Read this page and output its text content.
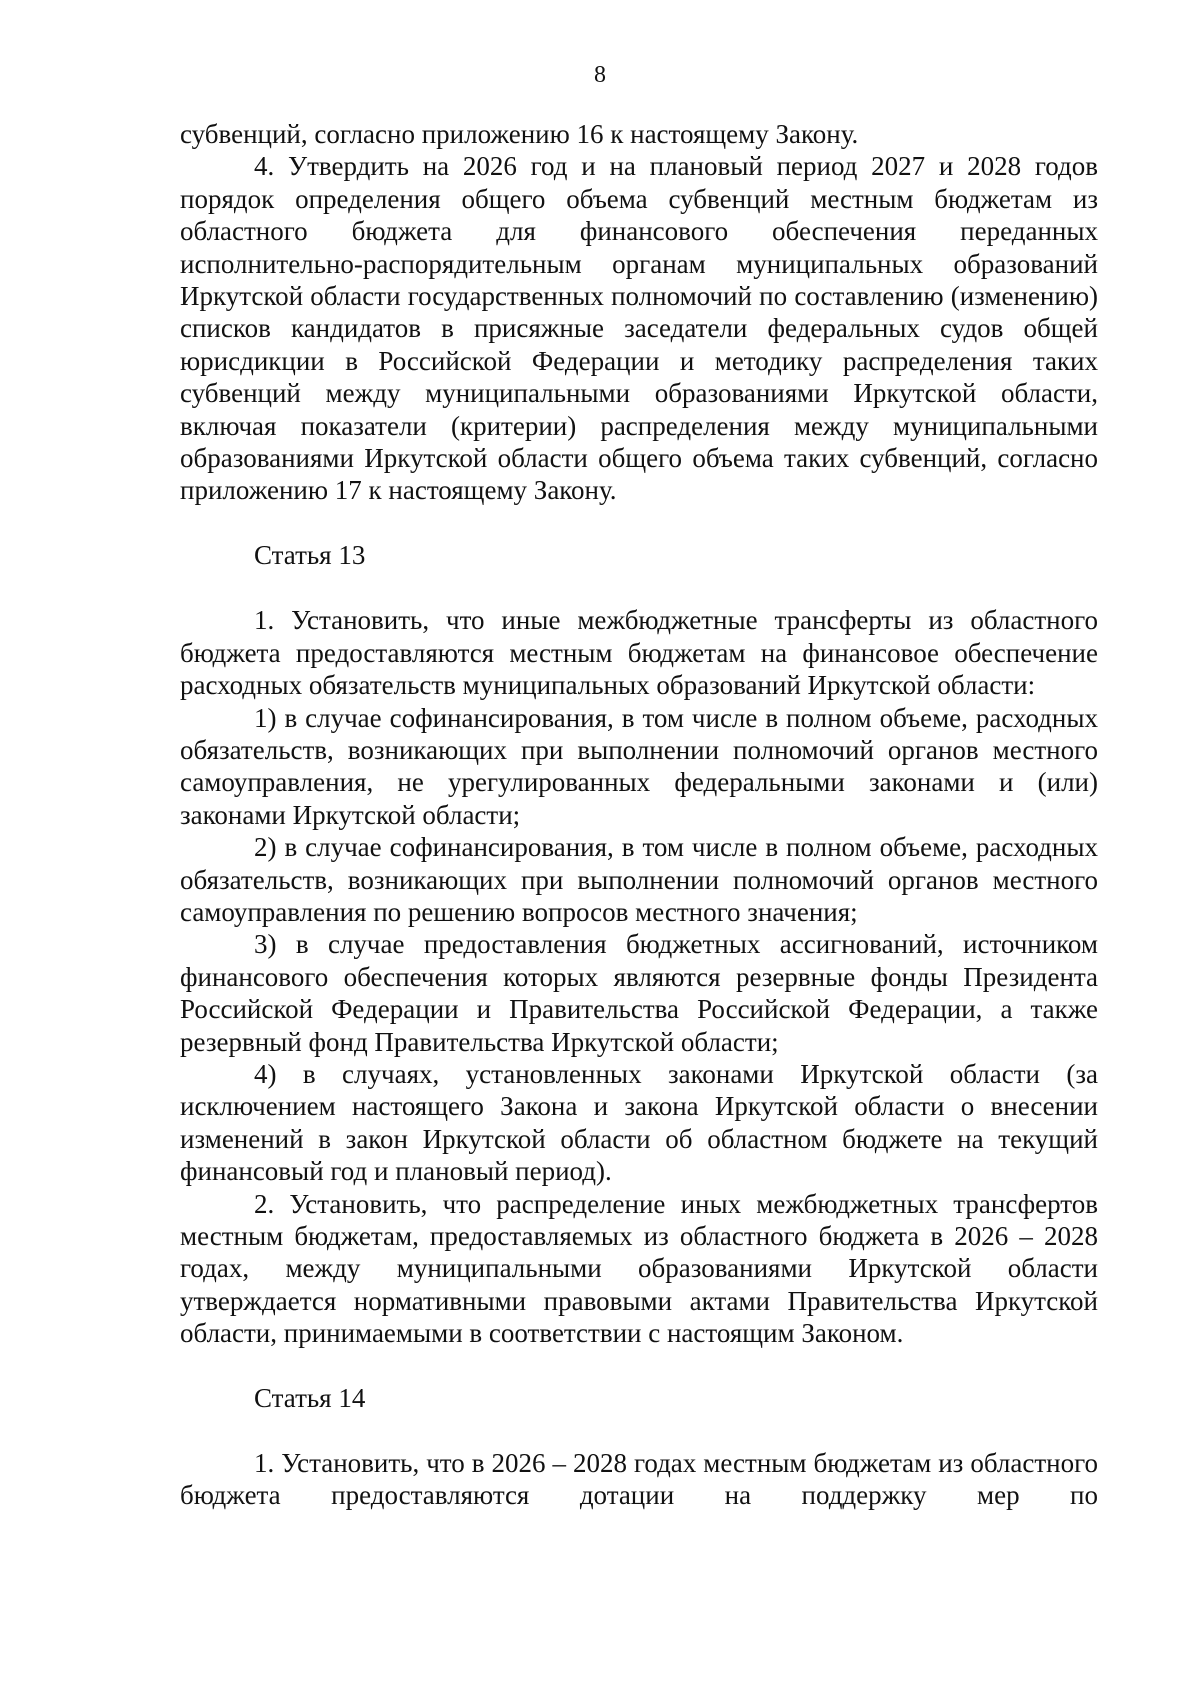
8

субвенций, согласно приложению 16 к настоящему Закону.

4. Утвердить на 2026 год и на плановый период 2027 и 2028 годов порядок определения общего объема субвенций местным бюджетам из областного бюджета для финансового обеспечения переданных исполнительно-распорядительным органам муниципальных образований Иркутской области государственных полномочий по составлению (изменению) списков кандидатов в присяжные заседатели федеральных судов общей юрисдикции в Российской Федерации и методику распределения таких субвенций между муниципальными образованиями Иркутской области, включая показатели (критерии) распределения между муниципальными образованиями Иркутской области общего объема таких субвенций, согласно приложению 17 к настоящему Закону.

Статья 13

1. Установить, что иные межбюджетные трансферты из областного бюджета предоставляются местным бюджетам на финансовое обеспечение расходных обязательств муниципальных образований Иркутской области:

1) в случае софинансирования, в том числе в полном объеме, расходных обязательств, возникающих при выполнении полномочий органов местного самоуправления, не урегулированных федеральными законами и (или) законами Иркутской области;

2) в случае софинансирования, в том числе в полном объеме, расходных обязательств, возникающих при выполнении полномочий органов местного самоуправления по решению вопросов местного значения;

3) в случае предоставления бюджетных ассигнований, источником финансового обеспечения которых являются резервные фонды Президента Российской Федерации и Правительства Российской Федерации, а также резервный фонд Правительства Иркутской области;

4) в случаях, установленных законами Иркутской области (за исключением настоящего Закона и закона Иркутской области о внесении изменений в закон Иркутской области об областном бюджете на текущий финансовый год и плановый период).

2. Установить, что распределение иных межбюджетных трансфертов местным бюджетам, предоставляемых из областного бюджета в 2026 – 2028 годах, между муниципальными образованиями Иркутской области утверждается нормативными правовыми актами Правительства Иркутской области, принимаемыми в соответствии с настоящим Законом.

Статья 14

1. Установить, что в 2026 – 2028 годах местным бюджетам из областного бюджета предоставляются дотации на поддержку мер по
